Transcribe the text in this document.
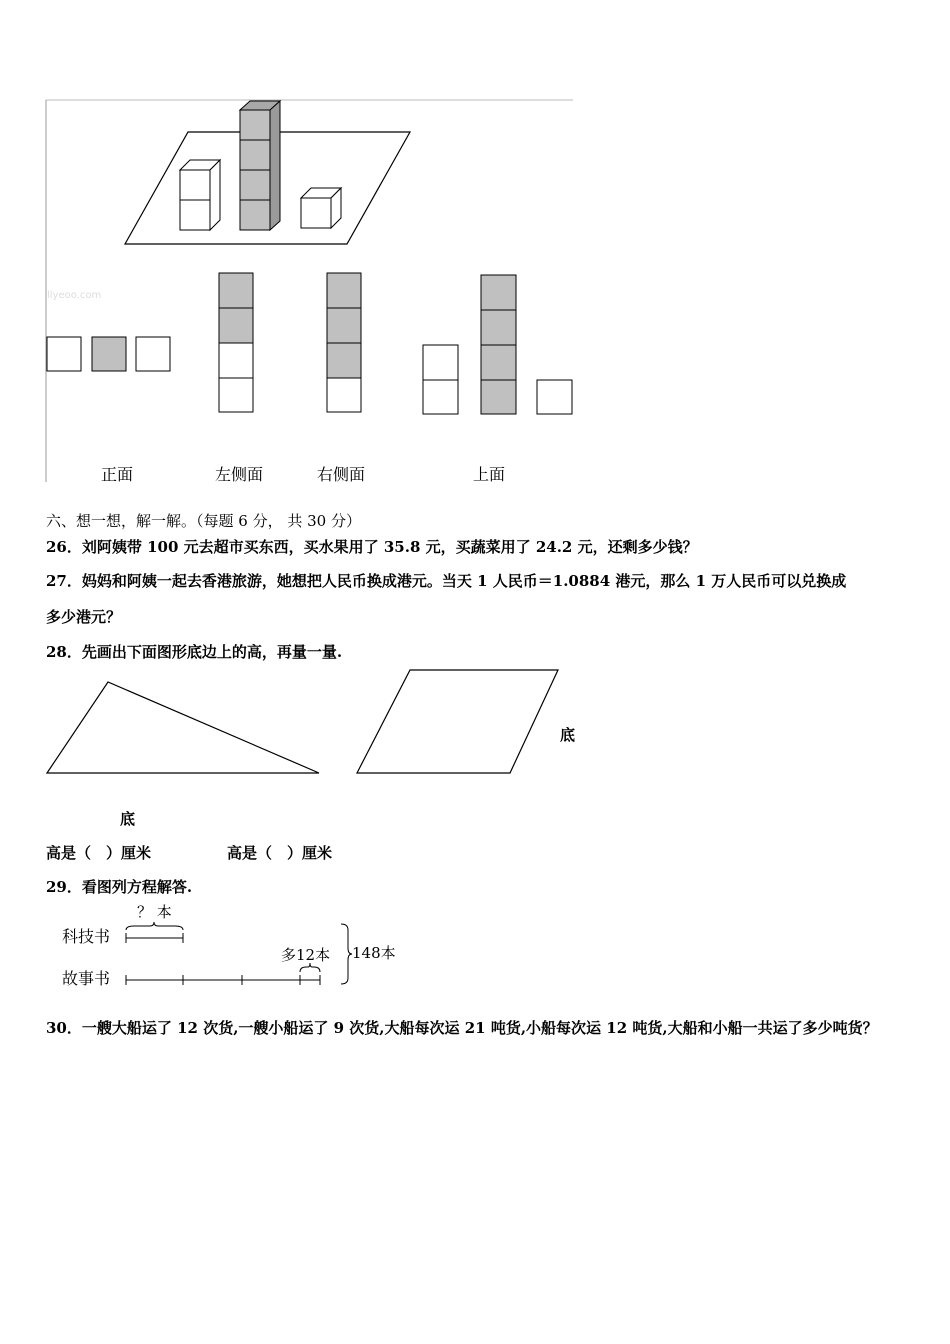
llyeoo.com
正面	左侧面	右侧面	上面
六、想一想，解一解。（每题 6 分， 共 30 分）
26．刘阿姨带 100 元去超市买东西，买水果用了 35.8 元，买蔬菜用了 24.2 元，还剩多少钱？
27．妈妈和阿姨一起去香港旅游，她想把人民币换成港元。当天 1 人民币＝1.0884 港元，那么 1 万人民币可以兑换成
多少港元？
28．先画出下面图形底边上的高，再量一量.
底
底
高是（　）厘米	高是（　）厘米
29．看图列方程解答.
科技书
故事书
？ 本
多12本 148本
30．一艘大船运了 12 次货,一艘小船运了 9 次货,大船每次运 21 吨货,小船每次运 12 吨货,大船和小船一共运了多少吨货？
